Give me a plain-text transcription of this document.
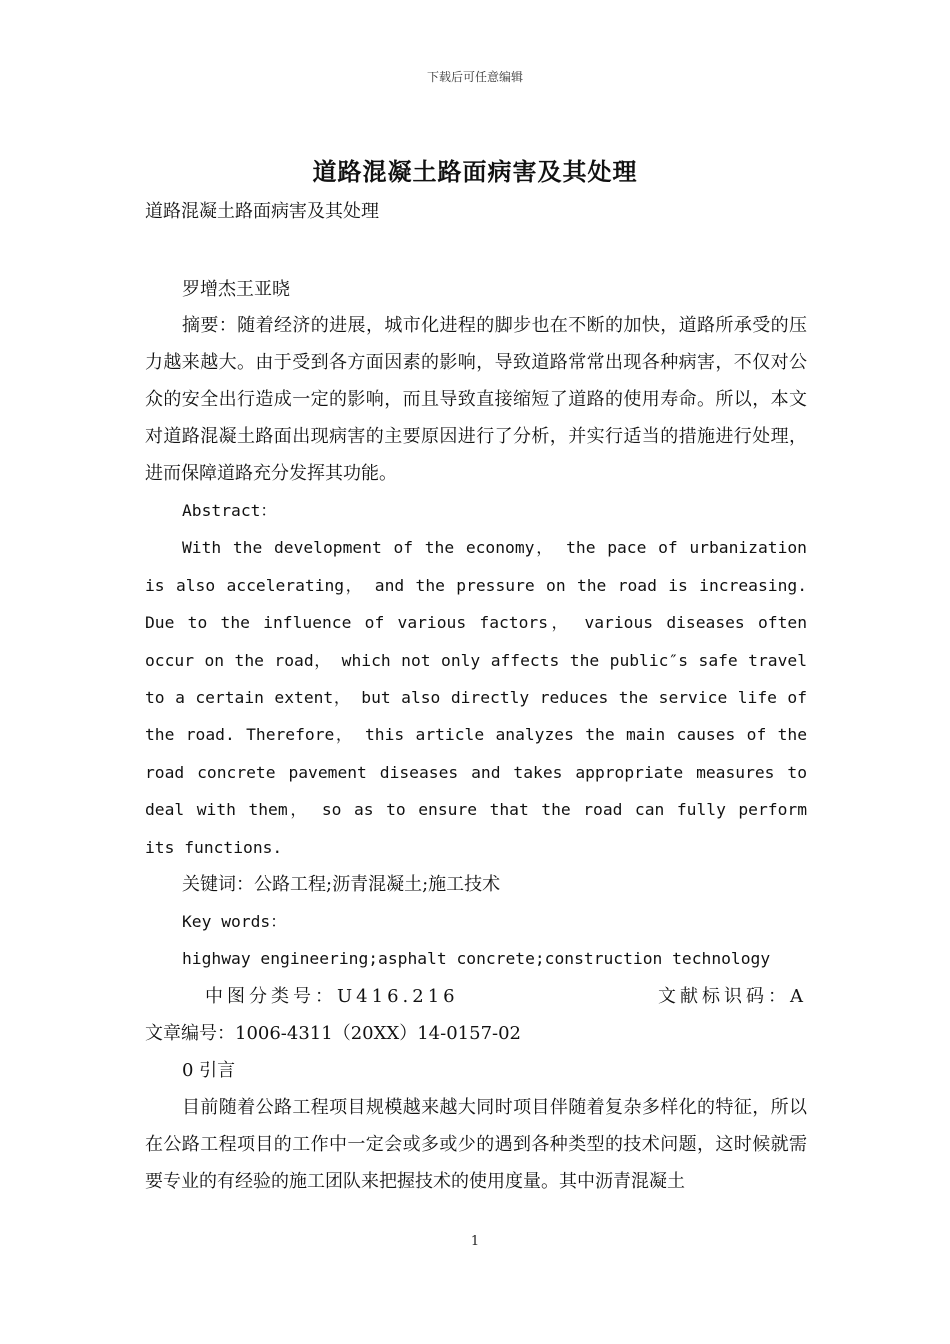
下载后可任意编辑
道路混凝土路面病害及其处理

道路混凝土路面病害及其处理

罗增杰王亚晓

摘要：随着经济的进展，城市化进程的脚步也在不断的加快，道路所承受的压力越来越大。由于受到各方面因素的影响，导致道路常常出现各种病害，不仅对公众的安全出行造成一定的影响，而且导致直接缩短了道路的使用寿命。所以，本文对道路混凝土路面出现病害的主要原因进行了分析，并实行适当的措施进行处理，进而保障道路充分发挥其功能。

Abstract：

With the development of the economy， the pace of urbanization is also accelerating， and the pressure on the road is increasing. Due to the influence of various factors， various diseases often occur on the road， which not only affects the public″s safe travel to a certain extent， but also directly reduces the service life of the road. Therefore， this article analyzes the main causes of the road concrete pavement diseases and takes appropriate measures to deal with them， so as to ensure that the road can fully perform its functions.

关键词：公路工程;沥青混凝土;施工技术

Key words：

highway engineering;asphalt concrete;construction technology

中图分类号：U416.216	文献标识码：A

文章编号：1006-4311（20XX）14-0157-02

0 引言

目前随着公路工程项目规模越来越大同时项目伴随着复杂多样化的特征，所以在公路工程项目的工作中一定会或多或少的遇到各种类型的技术问题，这时候就需要专业的有经验的施工团队来把握技术的使用度量。其中沥青混凝土

1
